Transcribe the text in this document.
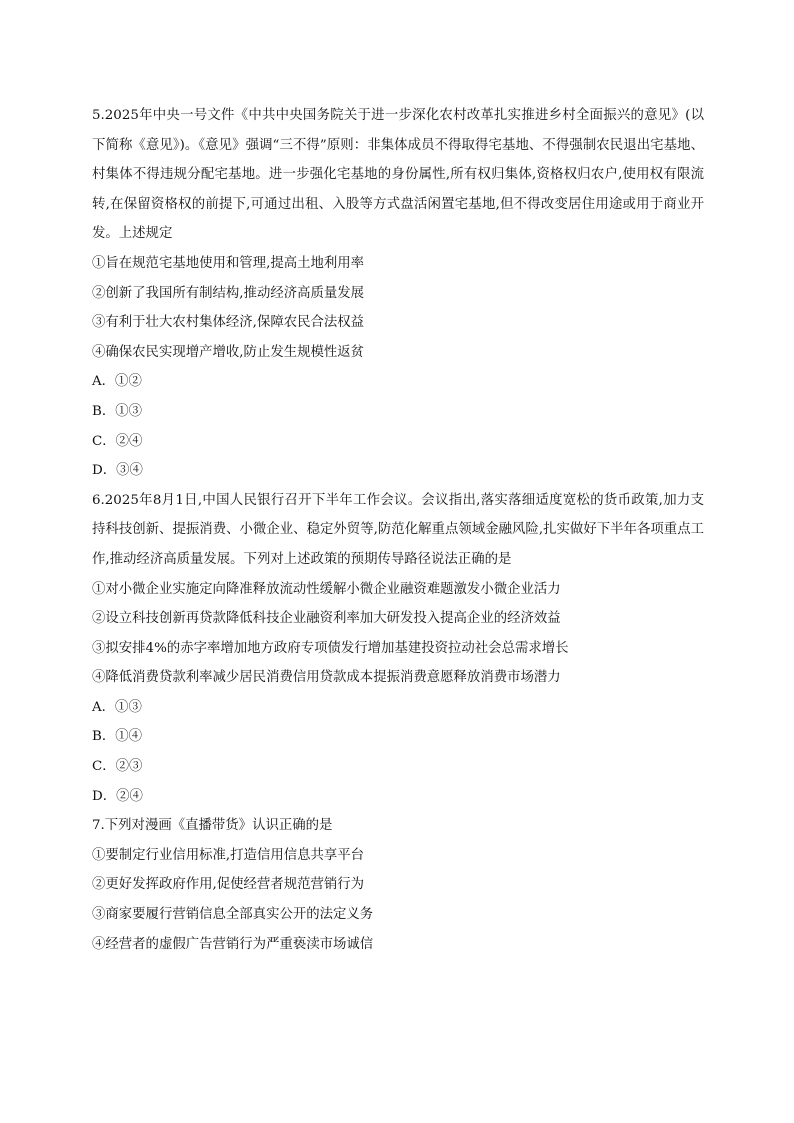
5.2025年中央一号文件《中共中央国务院关于进一步深化农村改革扎实推进乡村全面振兴的意见》(以下简称《意见》)。《意见》强调“三不得”原则：非集体成员不得取得宅基地、不得强制农民退出宅基地、村集体不得违规分配宅基地。进一步强化宅基地的身份属性,所有权归集体,资格权归农户,使用权有限流转,在保留资格权的前提下,可通过出租、入股等方式盘活闲置宅基地,但不得改变居住用途或用于商业开发。上述规定

①旨在规范宅基地使用和管理,提高土地利用率

②创新了我国所有制结构,推动经济高质量发展

③有利于壮大农村集体经济,保障农民合法权益

④确保农民实现增产增收,防止发生规模性返贫

A．①②

B．①③

C．②④

D．③④

6.2025年8月1日,中国人民银行召开下半年工作会议。会议指出,落实落细适度宽松的货币政策,加力支持科技创新、提振消费、小微企业、稳定外贸等,防范化解重点领域金融风险,扎实做好下半年各项重点工作,推动经济高质量发展。下列对上述政策的预期传导路径说法正确的是

①对小微企业实施定向降准释放流动性缓解小微企业融资难题激发小微企业活力

②设立科技创新再贷款降低科技企业融资利率加大研发投入提高企业的经济效益

③拟安排4%的赤字率增加地方政府专项债发行增加基建投资拉动社会总需求增长

④降低消费贷款利率减少居民消费信用贷款成本提振消费意愿释放消费市场潜力

A．①③

B．①④

C．②③

D．②④

7.下列对漫画《直播带货》认识正确的是

①要制定行业信用标准,打造信用信息共享平台

②更好发挥政府作用,促使经营者规范营销行为

③商家要履行营销信息全部真实公开的法定义务

④经营者的虚假广告营销行为严重亵渎市场诚信
